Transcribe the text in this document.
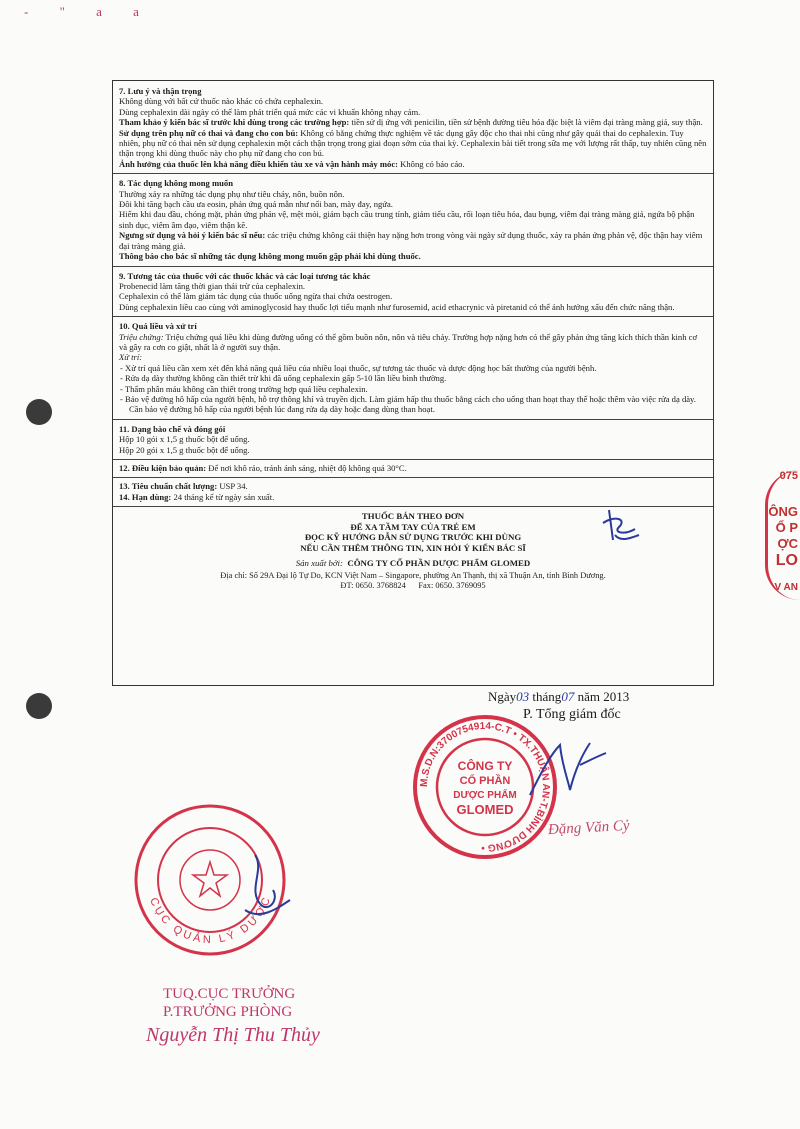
- " a a
7. Lưu ý và thận trọng

Không dùng với bất cứ thuốc nào khác có chứa cephalexin.

Dùng cephalexin dài ngày có thể làm phát triển quá mức các vi khuẩn không nhạy cảm.

Tham khảo ý kiến bác sĩ trước khi dùng trong các trường hợp: tiền sử dị ứng với penicilin, tiền sử bệnh đường tiêu hóa đặc biệt là viêm đại tràng màng giả, suy thận.

Sử dụng trên phụ nữ có thai và đang cho con bú: Không có bằng chứng thực nghiệm về tác dụng gây độc cho thai nhi cũng như gây quái thai do cephalexin. Tuy nhiên, phụ nữ có thai nên sử dụng cephalexin một cách thận trọng trong giai đoạn sớm của thai kỳ. Cephalexin bài tiết trong sữa mẹ với lượng rất thấp, tuy nhiên cũng nên thận trọng khi dùng thuốc này cho phụ nữ đang cho con bú.

Ảnh hưởng của thuốc lên khả năng điều khiển tàu xe và vận hành máy móc: Không có báo cáo.

8. Tác dụng không mong muốn

Thường xảy ra những tác dụng phụ như tiêu chảy, nôn, buồn nôn.

Đôi khi tăng bạch cầu ưa eosin, phản ứng quá mẫn như nổi ban, mày đay, ngứa.

Hiếm khi đau đầu, chóng mặt, phản ứng phản vệ, mệt mỏi, giảm bạch cầu trung tính, giảm tiểu cầu, rối loạn tiêu hóa, đau bụng, viêm đại tràng màng giả, ngứa bộ phận sinh dục, viêm âm đạo, viêm thận kẽ.

Ngưng sử dụng và hỏi ý kiến bác sĩ nếu: các triệu chứng không cải thiện hay nặng hơn trong vòng vài ngày sử dụng thuốc, xảy ra phản ứng phản vệ, độc thận hay viêm đại tràng màng giả.

Thông báo cho bác sĩ những tác dụng không mong muốn gặp phải khi dùng thuốc.

9. Tương tác của thuốc với các thuốc khác và các loại tương tác khác

Probenecid làm tăng thời gian thải trừ của cephalexin.

Cephalexin có thể làm giảm tác dụng của thuốc uống ngừa thai chứa oestrogen.

Dùng cephalexin liều cao cùng với aminoglycosid hay thuốc lợi tiểu mạnh như furosemid, acid ethacrynic và piretanid có thể ảnh hưởng xấu đến chức năng thận.

10. Quá liều và xử trí

Triệu chứng: Triệu chứng quá liều khi dùng đường uống có thể gồm buồn nôn, nôn và tiêu chảy. Trường hợp nặng hơn có thể gây phản ứng tăng kích thích thần kinh cơ và gây ra cơn co giật, nhất là ở người suy thận.

Xử trí:

- Xử trí quá liều cần xem xét đến khả năng quá liều của nhiều loại thuốc, sự tương tác thuốc và dược động học bất thường của người bệnh.

- Rửa dạ dày thường không cần thiết trừ khi đã uống cephalexin gấp 5-10 lần liều bình thường.

- Thẩm phân máu không cần thiết trong trường hợp quá liều cephalexin.

- Bảo vệ đường hô hấp của người bệnh, hỗ trợ thông khí và truyền dịch. Làm giảm hấp thu thuốc bằng cách cho uống than hoạt thay thế hoặc thêm vào việc rửa dạ dày. Cần bảo vệ đường hô hấp của người bệnh lúc đang rửa dạ dày hoặc đang dùng than hoạt.

11. Dạng bào chế và đóng gói

Hộp 10 gói x 1,5 g thuốc bột để uống.

Hộp 20 gói x 1,5 g thuốc bột để uống.

12. Điều kiện bảo quản: Để nơi khô ráo, tránh ánh sáng, nhiệt độ không quá 30°C.

13. Tiêu chuẩn chất lượng: USP 34.

14. Hạn dùng: 24 tháng kể từ ngày sản xuất.

THUỐC BÁN THEO ĐƠN
ĐỂ XA TẦM TAY CỦA TRẺ EM
ĐỌC KỸ HƯỚNG DẪN SỬ DỤNG TRƯỚC KHI DÙNG
NẾU CẦN THÊM THÔNG TIN, XIN HỎI Ý KIẾN BÁC SĨ
Sản xuất bởi: CÔNG TY CỔ PHẦN DƯỢC PHẨM GLOMED
Địa chỉ: Số 29A Đại lộ Tự Do, KCN Việt Nam – Singapore, phường An Thạnh, thị xã Thuận An, tỉnh Bình Dương.
ĐT: 0650. 3768824 Fax: 0650. 3769095
Ngày03 tháng07 năm 2013
P. Tổng giám đốc
M.S.D.N:3700754914-C.T • TX.THUẬN AN-T.BÌNH DƯƠNG •
CÔNG TY
CỔ PHẦN
DƯỢC PHẨM
GLOMED
Đặng Văn Cỷ
CỤC QUẢN LÝ DƯỢC
TUQ.CỤC TRƯỞNG
P.TRƯỞNG PHÒNG
Nguyễn Thị Thu Thủy
075
ÔNG
Ổ P
ỢC
LO
V AN
